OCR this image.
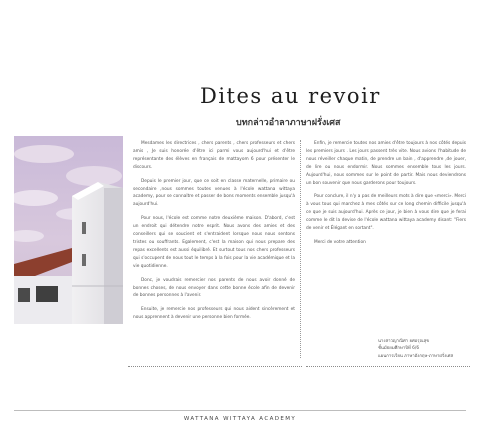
Dites au revoir
บทกล่าวอำลาภาษาฝรั่งเศส

Mesdames les directrices , chers parents , chers professeurs et chers amis , Je suis honorée d'être ici parmi vous aujourd'hui et d'être représentante des élèves en français de mattayom 6 pour présenter le discours.

Depuis le premier jour, que ce soit en classe maternelle, primaire ou secondaire ,nous sommes toutes venues à l'école wattana wittaya academy, pour se connaître et passer de bons moments ensemble jusqu'à aujourd'hui.

Pour nous, l'école est comme notre deuxième maison. D'abord, c'est un endroit qui détendre notre esprit. Nous avons des amies et des conseillers qui se soucient et s'entraident lorsque nous nous sentons tristes ou souffrants. Egalement, c'est la maison qui nous prepare des repas excellents est aussi équilibré. Et surtout tous nos chers professeurs qui s'occupent de nous tout le temps à la fois pour la vie académique et la vie quotidienne.

Donc, je voudrais remercier nos parents de nous avoir donné de bonnes choses, de nous envoyer dans cette bonne école afin de devenir de bonnes personnes à l'avenir.

Ensuite, je remercie nos professeurs qui nous aident sincèrement et nous apprennent à devenir une personne bien formée.

Enfin, je remercie toutes nos amies d'être toujours à nos côtés depuis les premiers jours . Les jours passent très vite. Nous avions l'habitude de nous réveiller chaque matin, de prendre un bain , d'apprendre ,de jouer, de lire ou nous endormir. Nous sommes ensemble tous les jours. Aujourd'hui, nous sommes sur le point de partir. Mais nous deviendrons un bon souvenir que nous garderons pour toujours.

Pour conclure, il n'y a pas de meilleurs mots à dire que «merci». Merci à vous tous qui marchez à mes côtés sur ce long chemin difficile jusqu'à ce que je suis aujourd'hui. Après ce jour, je bien à vous dire que je ferai comme le dit la devise de l'école wattana wittaya academy disant: "Fiers de venir et Élégant en sortant".

Merci de votre attention

นางสาวญาณิศา ยศอรุณสุข
ชั้นมัธยมศึกษาปีที่ 6/6
แผนการเรียน ภาษาอังกฤษ-ภาษาฝรั่งเศส
WATTANA WITTAYA ACADEMY
